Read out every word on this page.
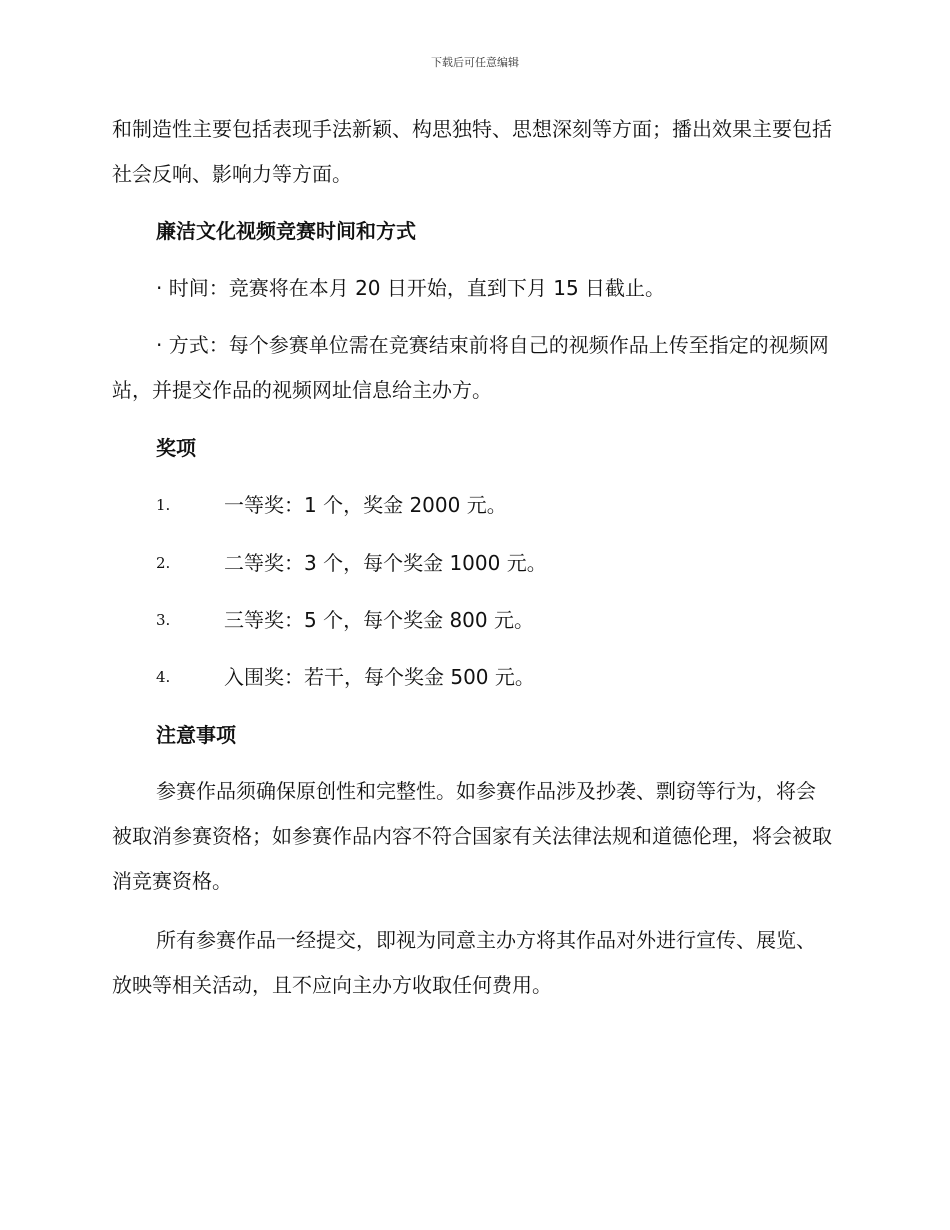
下载后可任意编辑

和制造性主要包括表现手法新颖、构思独特、思想深刻等方面；播出效果主要包括社会反响、影响力等方面。

廉洁文化视频竞赛时间和方式

· 时间：竞赛将在本月 20 日开始，直到下月 15 日截止。

· 方式：每个参赛单位需在竞赛结束前将自己的视频作品上传至指定的视频网站，并提交作品的视频网址信息给主办方。

奖项
1.	一等奖：1 个，奖金 2000 元。
2.	二等奖：3 个，每个奖金 1000 元。
3.	三等奖：5 个，每个奖金 800 元。
4.	入围奖：若干，每个奖金 500 元。
注意事项

参赛作品须确保原创性和完整性。如参赛作品涉及抄袭、剽窃等行为，将会被取消参赛资格；如参赛作品内容不符合国家有关法律法规和道德伦理，将会被取消竞赛资格。

所有参赛作品一经提交，即视为同意主办方将其作品对外进行宣传、展览、放映等相关活动，且不应向主办方收取任何费用。
